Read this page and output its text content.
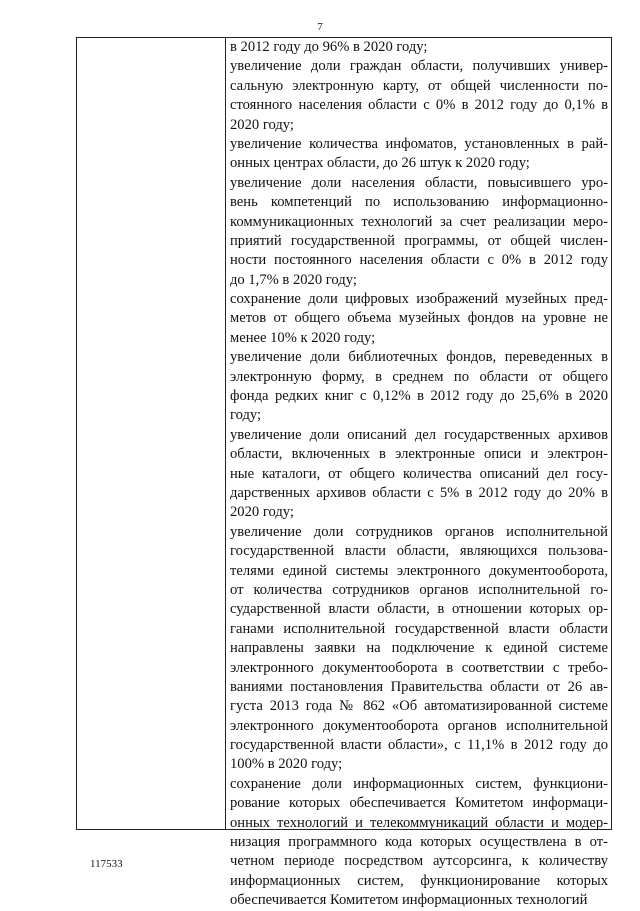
7
в 2012 году до 96% в 2020 году;
увеличение доли граждан области, получивших универ-
сальную электронную карту, от общей численности по-
стоянного населения области с 0% в 2012 году до 0,1% в
2020 году;
увеличение количества инфоматов, установленных в рай-
онных центрах области, до 26 штук к 2020 году;
увеличение доли населения области, повысившего уро-
вень компетенций по использованию информационно-
коммуникационных технологий за счет реализации меро-
приятий государственной программы, от общей числен-
ности постоянного населения области с 0% в 2012 году
до 1,7% в 2020 году;
сохранение доли цифровых изображений музейных пред-
метов от общего объема музейных фондов на уровне не
менее 10% к 2020 году;
увеличение доли библиотечных фондов, переведенных в
электронную форму, в среднем по области от общего
фонда редких книг с 0,12% в 2012 году до 25,6% в 2020
году;
увеличение доли описаний дел государственных архивов
области, включенных в электронные описи и электрон-
ные каталоги, от общего количества описаний дел госу-
дарственных архивов области с 5% в 2012 году до 20% в
2020 году;
увеличение доли сотрудников органов исполнительной
государственной власти области, являющихся пользова-
телями единой системы электронного документооборота,
от количества сотрудников органов исполнительной го-
сударственной власти области, в отношении которых ор-
ганами исполнительной государственной власти области
направлены заявки на подключение к единой системе
электронного документооборота в соответствии с требо-
ваниями постановления Правительства области от 26 ав-
густа 2013 года № 862 «Об автоматизированной системе
электронного документооборота органов исполнительной
государственной власти области», с 11,1% в 2012 году до
100% в 2020 году;
сохранение доли информационных систем, функциони-
рование которых обеспечивается Комитетом информаци-
онных технологий и телекоммуникаций области и модер-
низация программного кода которых осуществлена в от-
четном периоде посредством аутсорсинга, к количеству
информационных систем, функционирование которых
обеспечивается Комитетом информационных технологий
117533
